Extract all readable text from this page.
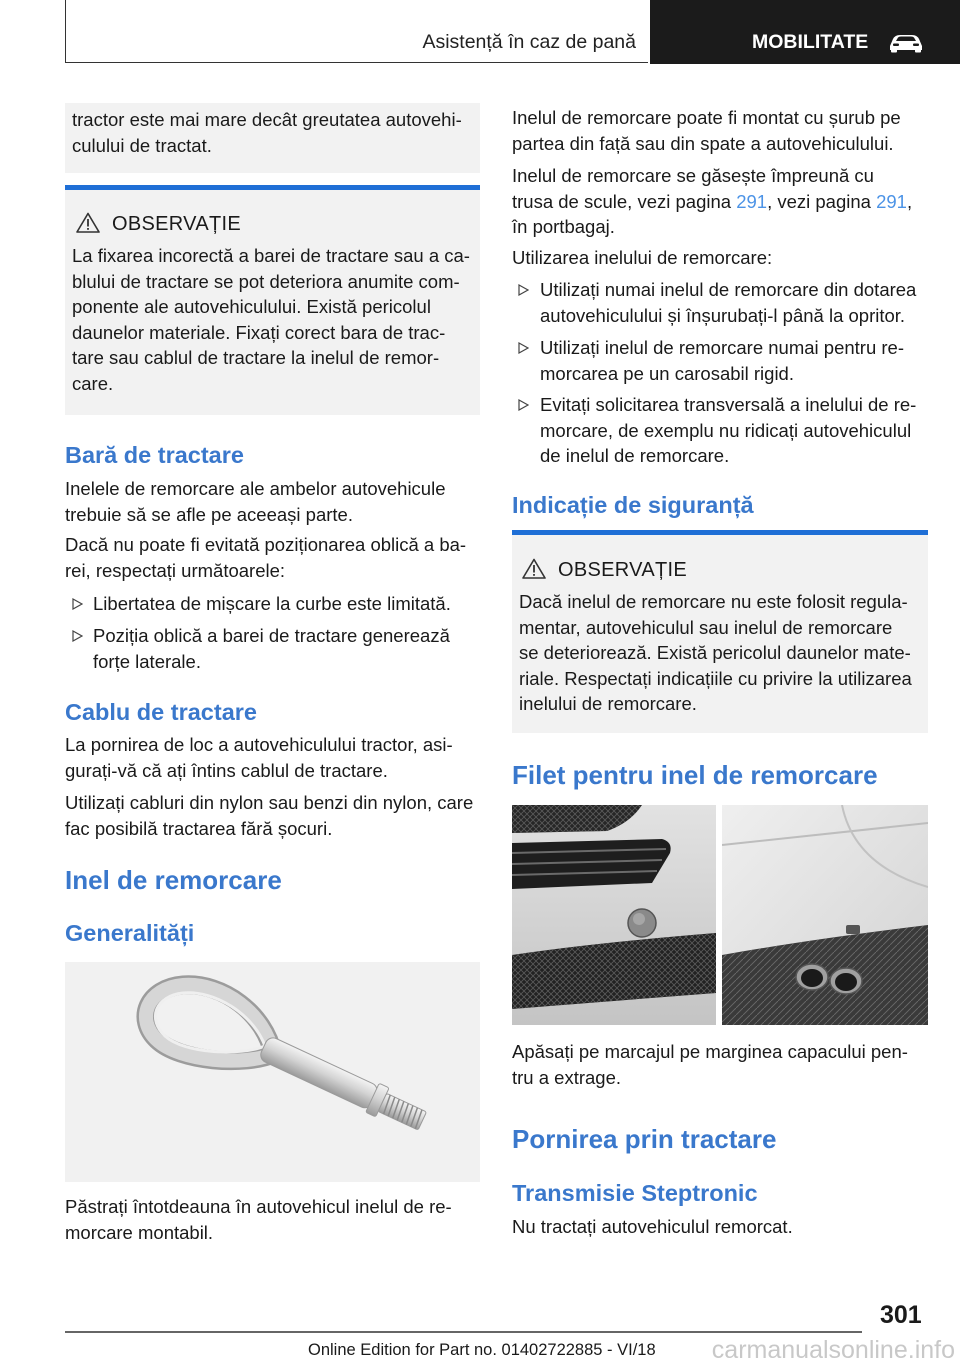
Asistență în caz de pană	MOBILITATE
tractor este mai mare decât greutatea autovehi-
culului de tractat.
OBSERVAȚIE
La fixarea incorectă a barei de tractare sau a ca-
blului de tractare se pot deteriora anumite com-
ponente ale autovehiculului. Există pericolul
daunelor materiale. Fixați corect bara de trac-
tare sau cablul de tractare la inelul de remor-
care.
Bară de tractare
Inelele de remorcare ale ambelor autovehicule
trebuie să se afle pe aceeași parte.
Dacă nu poate fi evitată poziționarea oblică a ba-
rei, respectați următoarele:
Libertatea de mișcare la curbe este limitată.
Poziția oblică a barei de tractare generează
forțe laterale.
Cablu de tractare
La pornirea de loc a autovehiculului tractor, asi-
gurați-vă că ați întins cablul de tractare.
Utilizați cabluri din nylon sau benzi din nylon, care
fac posibilă tractarea fără șocuri.
Inel de remorcare
Generalități
Păstrați întotdeauna în autovehicul inelul de re-
morcare montabil.
Inelul de remorcare poate fi montat cu șurub pe
partea din față sau din spate a autovehiculului.
Inelul de remorcare se găsește împreună cu
trusa de scule, vezi pagina 291, vezi pagina 291,
în portbagaj.
Utilizarea inelului de remorcare:
Utilizați numai inelul de remorcare din dotarea
autovehiculului și înșurubați-l până la opritor.
Utilizați inelul de remorcare numai pentru re-
morcarea pe un carosabil rigid.
Evitați solicitarea transversală a inelului de re-
morcare, de exemplu nu ridicați autovehiculul
de inelul de remorcare.
Indicație de siguranță
OBSERVAȚIE
Dacă inelul de remorcare nu este folosit regula-
mentar, autovehiculul sau inelul de remorcare
se deteriorează. Există pericolul daunelor mate-
riale. Respectați indicațiile cu privire la utilizarea
inelului de remorcare.
Filet pentru inel de remorcare
Apăsați pe marcajul pe marginea capacului pen-
tru a extrage.
Pornirea prin tractare
Transmisie Steptronic
Nu tractați autovehiculul remorcat.
301
Online Edition for Part no. 01402722885 - VI/18 carmanualsonline.info
